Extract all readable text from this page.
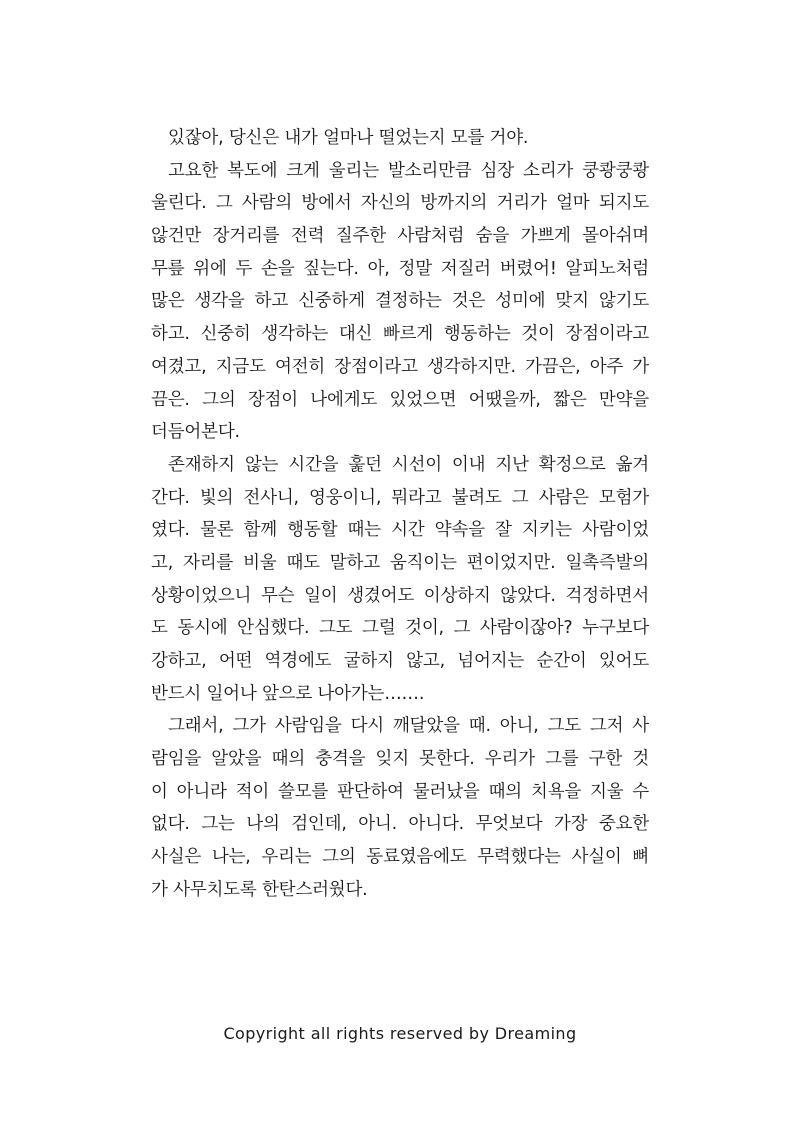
있잖아, 당신은 내가 얼마나 떨었는지 모를 거야.
고요한 복도에 크게 울리는 발소리만큼 심장 소리가 쿵쾅쿵쾅
울린다. 그 사람의 방에서 자신의 방까지의 거리가 얼마 되지도
않건만 장거리를 전력 질주한 사람처럼 숨을 가쁘게 몰아쉬며
무릎 위에 두 손을 짚는다. 아, 정말 저질러 버렸어! 알피노처럼
많은 생각을 하고 신중하게 결정하는 것은 성미에 맞지 않기도
하고. 신중히 생각하는 대신 빠르게 행동하는 것이 장점이라고
여겼고, 지금도 여전히 장점이라고 생각하지만. 가끔은, 아주 가
끔은. 그의 장점이 나에게도 있었으면 어땠을까, 짧은 만약을
더듬어본다.
존재하지 않는 시간을 훑던 시선이 이내 지난 확정으로 옮겨
간다. 빛의 전사니, 영웅이니, 뭐라고 불려도 그 사람은 모험가
였다. 물론 함께 행동할 때는 시간 약속을 잘 지키는 사람이었
고, 자리를 비울 때도 말하고 움직이는 편이었지만. 일촉즉발의
상황이었으니 무슨 일이 생겼어도 이상하지 않았다. 걱정하면서
도 동시에 안심했다. 그도 그럴 것이, 그 사람이잖아? 누구보다
강하고, 어떤 역경에도 굴하지 않고, 넘어지는 순간이 있어도
반드시 일어나 앞으로 나아가는…….
그래서, 그가 사람임을 다시 깨달았을 때. 아니, 그도 그저 사
람임을 알았을 때의 충격을 잊지 못한다. 우리가 그를 구한 것
이 아니라 적이 쓸모를 판단하여 물러났을 때의 치욕을 지울 수
없다. 그는 나의 검인데, 아니. 아니다. 무엇보다 가장 중요한
사실은 나는, 우리는 그의 동료였음에도 무력했다는 사실이 뼈
가 사무치도록 한탄스러웠다.
Copyright all rights reserved by Dreaming
